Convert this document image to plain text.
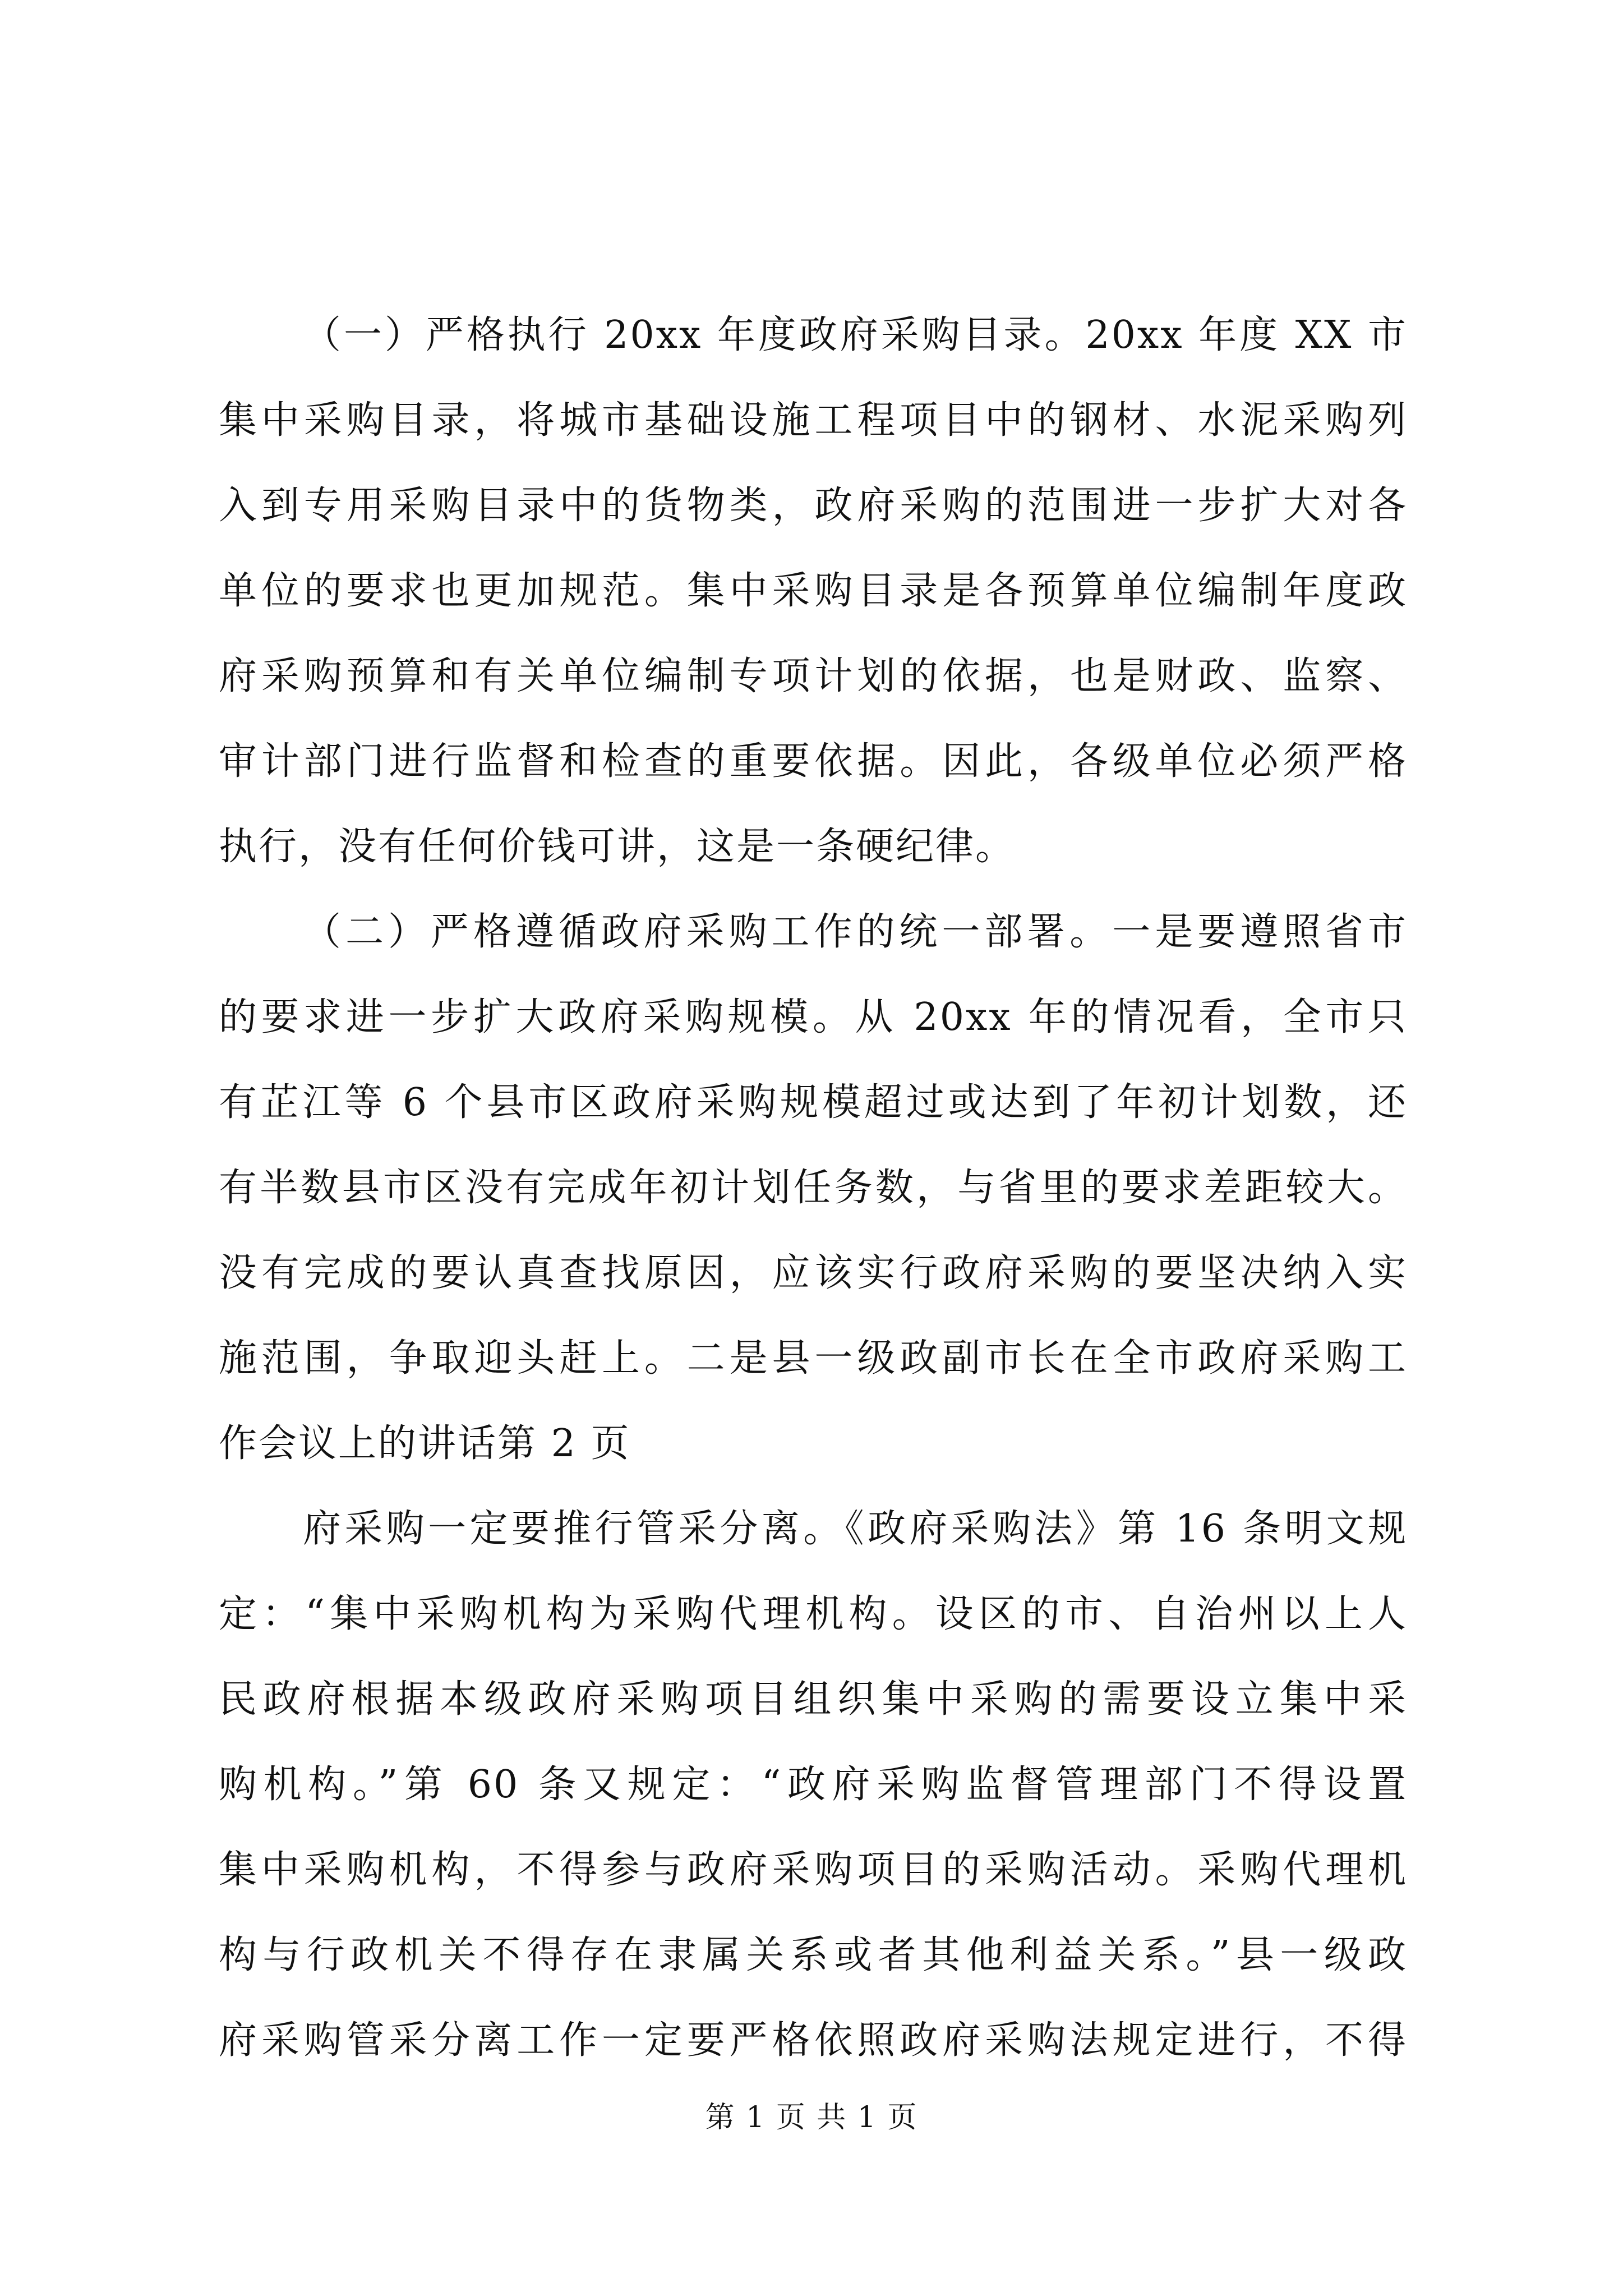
（一）严格执行 20xx 年度政府采购目录。20xx 年度 XX 市
集中采购目录，将城市基础设施工程项目中的钢材、水泥采购列
入到专用采购目录中的货物类，政府采购的范围进一步扩大对各
单位的要求也更加规范。集中采购目录是各预算单位编制年度政
府采购预算和有关单位编制专项计划的依据，也是财政、监察、
审计部门进行监督和检查的重要依据。因此，各级单位必须严格
执行，没有任何价钱可讲，这是一条硬纪律。
（二）严格遵循政府采购工作的统一部署。一是要遵照省市
的要求进一步扩大政府采购规模。从 20xx 年的情况看，全市只
有芷江等 6 个县市区政府采购规模超过或达到了年初计划数，还
有半数县市区没有完成年初计划任务数，与省里的要求差距较大。
没有完成的要认真查找原因，应该实行政府采购的要坚决纳入实
施范围，争取迎头赶上。二是县一级政副市长在全市政府采购工
作会议上的讲话第 2 页
府采购一定要推行管采分离。《政府采购法》第 16 条明文规
定：“集中采购机构为采购代理机构。设区的市、自治州以上人
民政府根据本级政府采购项目组织集中采购的需要设立集中采
购机构。”第 60 条又规定：“政府采购监督管理部门不得设置
集中采购机构，不得参与政府采购项目的采购活动。采购代理机
构与行政机关不得存在隶属关系或者其他利益关系。”县一级政
府采购管采分离工作一定要严格依照政府采购法规定进行，不得
第 1 页 共 1 页
